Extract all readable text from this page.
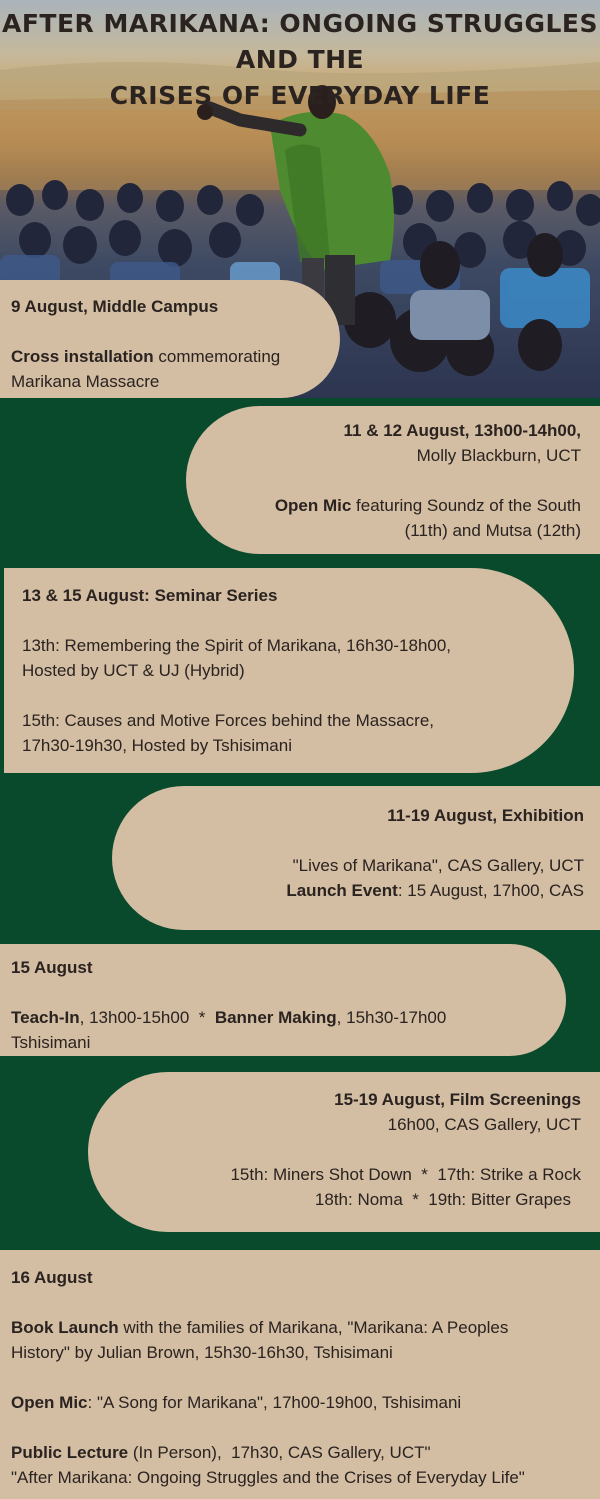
AFTER MARIKANA: ONGOING STRUGGLES AND THE
CRISES OF EVERYDAY LIFE

9 August, Middle Campus

Cross installation commemorating

Marikana Massacre

11 & 12 August, 13h00-14h00,

Molly Blackburn, UCT

Open Mic featuring Soundz of the South

(11th) and Mutsa (12th)

13 & 15 August: Seminar Series

13th: Remembering the Spirit of Marikana, 16h30-18h00,

Hosted by UCT & UJ (Hybrid)

15th: Causes and Motive Forces behind the Massacre,

17h30-19h30, Hosted by Tshisimani

11-19 August, Exhibition

"Lives of Marikana", CAS Gallery, UCT

Launch Event: 15 August, 17h00, CAS

15 August

Teach-In, 13h00-15h00  *  Banner Making, 15h30-17h00

Tshisimani

15-19 August, Film Screenings

16h00, CAS Gallery, UCT

15th: Miners Shot Down  *  17th: Strike a Rock

18th: Noma  *  19th: Bitter Grapes

16 August

Book Launch with the families of Marikana, "Marikana: A Peoples

History" by Julian Brown, 15h30-16h30, Tshisimani

Open Mic: "A Song for Marikana", 17h00-19h00, Tshisimani

Public Lecture (In Person),  17h30, CAS Gallery, UCT"

"After Marikana: Ongoing Struggles and the Crises of Everyday Life"
